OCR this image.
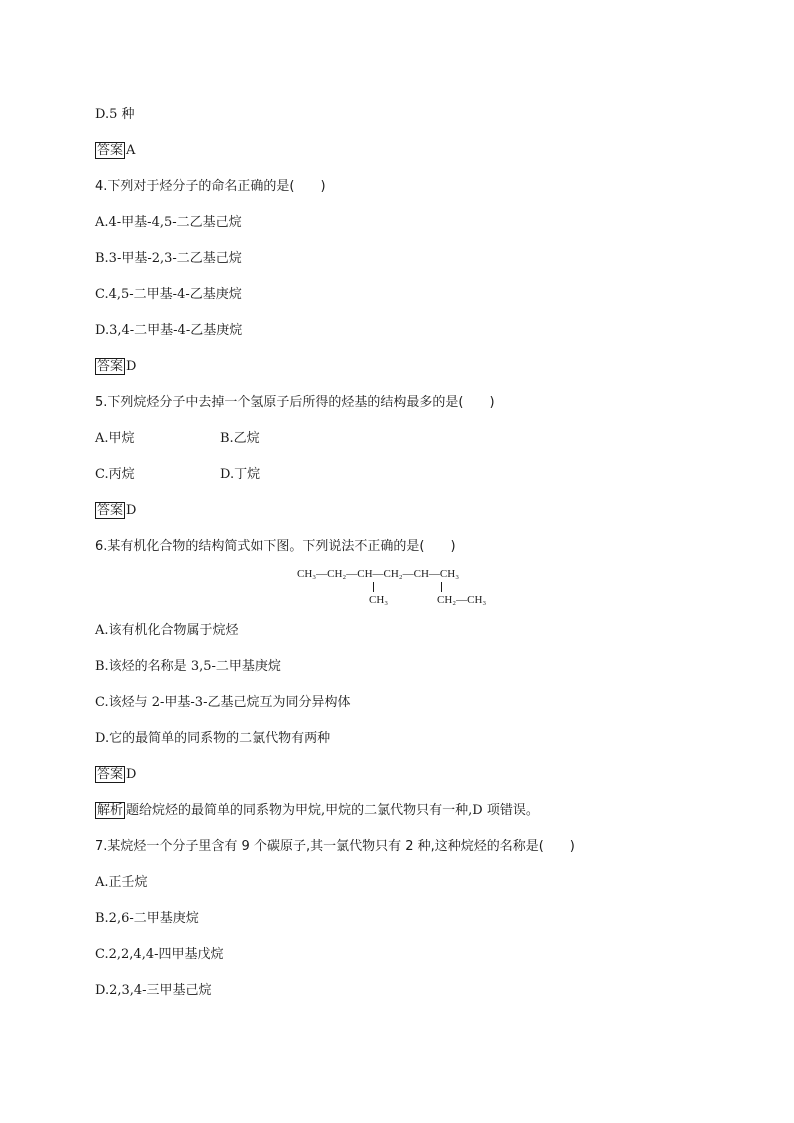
D.5 种
答案 A
4.下列对于烃分子的命名正确的是(　　)
A.4-甲基-4,5-二乙基己烷
B.3-甲基-2,3-二乙基己烷
C.4,5-二甲基-4-乙基庚烷
D.3,4-二甲基-4-乙基庚烷
答案 D
5.下列烷烃分子中去掉一个氢原子后所得的烃基的结构最多的是(　　)
A.甲烷	B.乙烷
C.丙烷	D.丁烷
答案 D
6.某有机化合物的结构简式如下图。下列说法不正确的是(　　)
CH₃—CH₂—CH—CH₂—CH—CH₃
CH₃	CH₂—CH₃
A.该有机化合物属于烷烃
B.该烃的名称是 3,5-二甲基庚烷
C.该烃与 2-甲基-3-乙基己烷互为同分异构体
D.它的最简单的同系物的二氯代物有两种
答案 D
解析 题给烷烃的最简单的同系物为甲烷,甲烷的二氯代物只有一种,D 项错误。
7.某烷烃一个分子里含有 9 个碳原子,其一氯代物只有 2 种,这种烷烃的名称是(　　)
A.正壬烷
B.2,6-二甲基庚烷
C.2,2,4,4-四甲基戊烷
D.2,3,4-三甲基己烷
